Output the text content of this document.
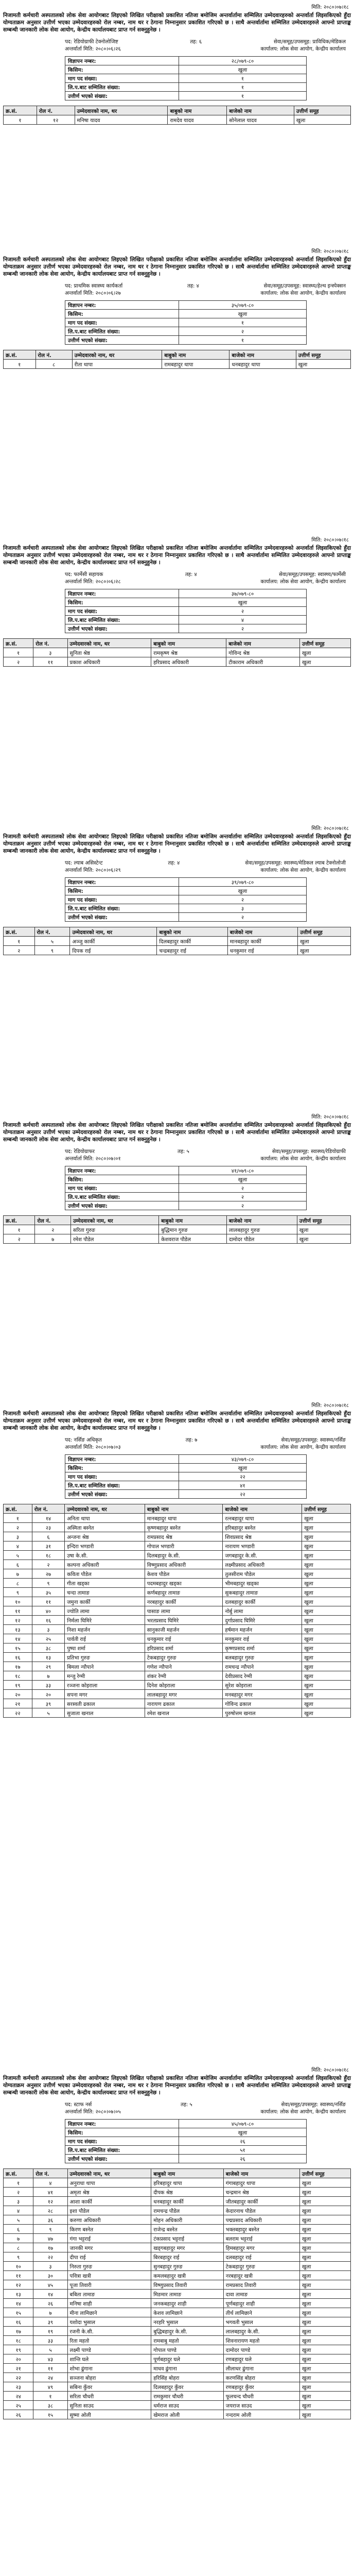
मिति: २०८०।०७।१८

निजामती कर्मचारी अस्पतालको लोक सेवा आयोगबाट लिइएको लिखित परीक्षाको प्रकाशित नतिजा बमोजिम अन्तर्वार्तामा सम्मिलित उम्मेदवारहरुको अन्तर्वार्ता लिइसकिएको हुँदा योग्यताक्रम अनुसार उत्तीर्ण भएका उम्मेदवारहरुको रोल नम्बर, नाम थर र ठेगाना निम्नानुसार प्रकाशित गरिएको छ । साथै अन्तर्वार्तामा सम्मिलित उम्मेदवारहरुले आफ्नो प्राप्ताङ्क सम्बन्धी जानकारी लोक सेवा आयोग, केन्द्रीय कार्यालयबाट प्राप्त गर्न सक्नुहुनेछ ।

पद: रेडियोग्राफी टेक्नोलोजिष्ट	तह: ६	सेवा/समूह/उपसमूह: प्राविधिक/मेडिकल
अन्तर्वार्ता मिति: २०८०।०६।२६	कार्यालय: लोक सेवा आयोग, केन्द्रीय कार्यालय
विज्ञापन नम्बर:	२८/०७९-८०
किसिम:	खुला
माग पद संख्या:	१
लि.प.बाट सम्मिलित संख्या:	१
उत्तीर्ण भएको संख्या:	१
क्र.सं.	रोल नं.	उम्मेदवारको नाम, थर	बाबुको नाम	बाजेको नाम	उत्तीर्ण समूह
१	१२	मनिषा यादव	रामदेव यादव	सोनेलाल यादव	खुला
मिति: २०८०।०७।१८

निजामती कर्मचारी अस्पतालको लोक सेवा आयोगबाट लिइएको लिखित परीक्षाको प्रकाशित नतिजा बमोजिम अन्तर्वार्तामा सम्मिलित उम्मेदवारहरुको अन्तर्वार्ता लिइसकिएको हुँदा योग्यताक्रम अनुसार उत्तीर्ण भएका उम्मेदवारहरुको रोल नम्बर, नाम थर र ठेगाना निम्नानुसार प्रकाशित गरिएको छ । साथै अन्तर्वार्तामा सम्मिलित उम्मेदवारहरुले आफ्नो प्राप्ताङ्क सम्बन्धी जानकारी लोक सेवा आयोग, केन्द्रीय कार्यालयबाट प्राप्त गर्न सक्नुहुनेछ ।

पद: प्राथमिक स्वास्थ्य कार्यकर्ता	तह: ४	सेवा/समूह/उपसमूह: स्वास्थ्य/हेल्थ इन्स्पेक्सन
अन्तर्वार्ता मिति: २०८०।०६।२७	कार्यालय: लोक सेवा आयोग, केन्द्रीय कार्यालय
विज्ञापन नम्बर:	३५/०७९-८०
किसिम:	खुला
माग पद संख्या:	१
लि.प.बाट सम्मिलित संख्या:	२
उत्तीर्ण भएको संख्या:	१
क्र.सं.	रोल नं.	उम्मेदवारको नाम, थर	बाबुको नाम	बाजेको नाम	उत्तीर्ण समूह
१	८	रीता थापा	रामबहादुर थापा	धनबहादुर थापा	खुला
मिति: २०८०।०७।१८

निजामती कर्मचारी अस्पतालको लोक सेवा आयोगबाट लिइएको लिखित परीक्षाको प्रकाशित नतिजा बमोजिम अन्तर्वार्तामा सम्मिलित उम्मेदवारहरुको अन्तर्वार्ता लिइसकिएको हुँदा योग्यताक्रम अनुसार उत्तीर्ण भएका उम्मेदवारहरुको रोल नम्बर, नाम थर र ठेगाना निम्नानुसार प्रकाशित गरिएको छ । साथै अन्तर्वार्तामा सम्मिलित उम्मेदवारहरुले आफ्नो प्राप्ताङ्क सम्बन्धी जानकारी लोक सेवा आयोग, केन्द्रीय कार्यालयबाट प्राप्त गर्न सक्नुहुनेछ ।

पद: फार्मेसी सहायक	तह: ४	सेवा/समूह/उपसमूह: स्वास्थ्य/फार्मेसी
अन्तर्वार्ता मिति: २०८०।०६।२८	कार्यालय: लोक सेवा आयोग, केन्द्रीय कार्यालय
विज्ञापन नम्बर:	३७/०७९-८०
किसिम:	खुला
माग पद संख्या:	२
लि.प.बाट सम्मिलित संख्या:	४
उत्तीर्ण भएको संख्या:	२
क्र.सं.	रोल नं.	उम्मेदवारको नाम, थर	बाबुको नाम	बाजेको नाम	उत्तीर्ण समूह
१	३	सुनिता श्रेष्ठ	रामकृष्ण श्रेष्ठ	गोविन्द श्रेष्ठ	खुला
२	११	प्रकाश अधिकारी	हरिप्रसाद अधिकारी	टीकाराम अधिकारी	खुला
मिति: २०८०।०७।१८

निजामती कर्मचारी अस्पतालको लोक सेवा आयोगबाट लिइएको लिखित परीक्षाको प्रकाशित नतिजा बमोजिम अन्तर्वार्तामा सम्मिलित उम्मेदवारहरुको अन्तर्वार्ता लिइसकिएको हुँदा योग्यताक्रम अनुसार उत्तीर्ण भएका उम्मेदवारहरुको रोल नम्बर, नाम थर र ठेगाना निम्नानुसार प्रकाशित गरिएको छ । साथै अन्तर्वार्तामा सम्मिलित उम्मेदवारहरुले आफ्नो प्राप्ताङ्क सम्बन्धी जानकारी लोक सेवा आयोग, केन्द्रीय कार्यालयबाट प्राप्त गर्न सक्नुहुनेछ ।

पद: ल्याब असिस्टेन्ट	तह: ४	सेवा/समूह/उपसमूह: स्वास्थ्य/मेडिकल ल्याब टेक्नोलोजी
अन्तर्वार्ता मिति: २०८०।०६।२९	कार्यालय: लोक सेवा आयोग, केन्द्रीय कार्यालय
विज्ञापन नम्बर:	३९/०७९-८०
किसिम:	खुला
माग पद संख्या:	२
लि.प.बाट सम्मिलित संख्या:	३
उत्तीर्ण भएको संख्या:	२
क्र.सं.	रोल नं.	उम्मेदवारको नाम, थर	बाबुको नाम	बाजेको नाम	उत्तीर्ण समूह
१	५	अञ्जु कार्की	दिलबहादुर कार्की	मानबहादुर कार्की	खुला
२	९	दिपक राई	चन्द्रबहादुर राई	धनकुमार राई	खुला
मिति: २०८०।०७।१८

निजामती कर्मचारी अस्पतालको लोक सेवा आयोगबाट लिइएको लिखित परीक्षाको प्रकाशित नतिजा बमोजिम अन्तर्वार्तामा सम्मिलित उम्मेदवारहरुको अन्तर्वार्ता लिइसकिएको हुँदा योग्यताक्रम अनुसार उत्तीर्ण भएका उम्मेदवारहरुको रोल नम्बर, नाम थर र ठेगाना निम्नानुसार प्रकाशित गरिएको छ । साथै अन्तर्वार्तामा सम्मिलित उम्मेदवारहरुले आफ्नो प्राप्ताङ्क सम्बन्धी जानकारी लोक सेवा आयोग, केन्द्रीय कार्यालयबाट प्राप्त गर्न सक्नुहुनेछ ।

पद: रेडियोग्राफर	तह: ५	सेवा/समूह/उपसमूह: स्वास्थ्य/रेडियोग्राफी
अन्तर्वार्ता मिति: २०८०।०७।०१	कार्यालय: लोक सेवा आयोग, केन्द्रीय कार्यालय
विज्ञापन नम्बर:	४१/०७९-८०
किसिम:	खुला
माग पद संख्या:	२
लि.प.बाट सम्मिलित संख्या:	२
उत्तीर्ण भएको संख्या:	२
क्र.सं.	रोल नं.	उम्मेदवारको नाम, थर	बाबुको नाम	बाजेको नाम	उत्तीर्ण समूह
१	२	सरिता गुरुङ	बुद्धिमान गुरुङ	लालबहादुर गुरुङ	खुला
२	७	रमेश पौडेल	केशवराज पौडेल	दामोदर पौडेल	खुला
मिति: २०८०।०७।१८

निजामती कर्मचारी अस्पतालको लोक सेवा आयोगबाट लिइएको लिखित परीक्षाको प्रकाशित नतिजा बमोजिम अन्तर्वार्तामा सम्मिलित उम्मेदवारहरुको अन्तर्वार्ता लिइसकिएको हुँदा योग्यताक्रम अनुसार उत्तीर्ण भएका उम्मेदवारहरुको रोल नम्बर, नाम थर र ठेगाना निम्नानुसार प्रकाशित गरिएको छ । साथै अन्तर्वार्तामा सम्मिलित उम्मेदवारहरुले आफ्नो प्राप्ताङ्क सम्बन्धी जानकारी लोक सेवा आयोग, केन्द्रीय कार्यालयबाट प्राप्त गर्न सक्नुहुनेछ ।

पद: नर्सिङ अधिकृत	तह: ७	सेवा/समूह/उपसमूह: स्वास्थ्य/नर्सिङ
अन्तर्वार्ता मिति: २०८०।०७।०३	कार्यालय: लोक सेवा आयोग, केन्द्रीय कार्यालय
विज्ञापन नम्बर:	४३/०७९-८०
किसिम:	खुला
माग पद संख्या:	२२
लि.प.बाट सम्मिलित संख्या:	४१
उत्तीर्ण भएको संख्या:	२२
क्र.सं.	रोल नं.	उम्मेदवारको नाम, थर	बाबुको नाम	बाजेको नाम	उत्तीर्ण समूह
१	१४	अनिता थापा	मानबहादुर थापा	रत्नबहादुर थापा	खुला
२	२३	अस्मिता बस्नेत	कृष्णबहादुर बस्नेत	हरिबहादुर बस्नेत	खुला
३	६	अन्जना श्रेष्ठ	रामप्रसाद श्रेष्ठ	शिवप्रसाद श्रेष्ठ	खुला
४	३१	इन्दिरा भण्डारी	गोपाल भण्डारी	नारायण भण्डारी	खुला
५	१८	उषा के.सी.	दिलबहादुर के.सी.	जगबहादुर के.सी.	खुला
६	२	कल्पना अधिकारी	विष्णुप्रसाद अधिकारी	लक्ष्मीप्रसाद अधिकारी	खुला
७	२७	कविता पौडेल	केशव पौडेल	तुलसीराम पौडेल	खुला
८	९	गीता खड्का	पदमबहादुर खड्का	भीमबहादुर खड्का	खुला
९	३५	चन्दा तामाङ	कर्णबहादुर तामाङ	सुकबहादुर तामाङ	खुला
१०	११	जमुना कार्की	नरबहादुर कार्की	दलबहादुर कार्की	खुला
११	४०	ज्योति लामा	पासाङ लामा	नोर्बु लामा	खुला
१२	१६	निर्मला घिमिरे	भरतप्रसाद घिमिरे	दुर्गाप्रसाद घिमिरे	खुला
१३	३	निशा महर्जन	सानुकाजी महर्जन	हर्षमान महर्जन	खुला
१४	२५	पार्वती राई	धनकुमार राई	मनकुमार राई	खुला
१५	३८	पुष्पा शर्मा	हरिप्रसाद शर्मा	कृष्णप्रसाद शर्मा	खुला
१६	१३	प्रतिभा गुरुङ	टेकबहादुर गुरुङ	बलबहादुर गुरुङ	खुला
१७	२९	बिमला न्यौपाने	गणेश न्यौपाने	रामचन्द्र न्यौपाने	खुला
१८	७	मन्जु रेग्मी	शंकर रेग्मी	देवीप्रसाद रेग्मी	खुला
१९	३३	रञ्जना कोइराला	दिनेश कोइराला	सुरेश कोइराला	खुला
२०	२०	सपना मगर	लालबहादुर मगर	मनबहादुर मगर	खुला
२१	३९	सरस्वती ढकाल	नारायण ढकाल	गोविन्द ढकाल	खुला
२२	५	सुजाता खनाल	रमेश खनाल	पुरुषोत्तम खनाल	खुला
मिति: २०८०।०७।१८

निजामती कर्मचारी अस्पतालको लोक सेवा आयोगबाट लिइएको लिखित परीक्षाको प्रकाशित नतिजा बमोजिम अन्तर्वार्तामा सम्मिलित उम्मेदवारहरुको अन्तर्वार्ता लिइसकिएको हुँदा योग्यताक्रम अनुसार उत्तीर्ण भएका उम्मेदवारहरुको रोल नम्बर, नाम थर र ठेगाना निम्नानुसार प्रकाशित गरिएको छ । साथै अन्तर्वार्तामा सम्मिलित उम्मेदवारहरुले आफ्नो प्राप्ताङ्क सम्बन्धी जानकारी लोक सेवा आयोग, केन्द्रीय कार्यालयबाट प्राप्त गर्न सक्नुहुनेछ ।

पद: स्टाफ नर्स	तह: ५	सेवा/समूह/उपसमूह: स्वास्थ्य/नर्सिङ
अन्तर्वार्ता मिति: २०८०।०७।०५	कार्यालय: लोक सेवा आयोग, केन्द्रीय कार्यालय
विज्ञापन नम्बर:	४५/०७९-८०
किसिम:	खुला
माग पद संख्या:	२६
लि.प.बाट सम्मिलित संख्या:	५१
उत्तीर्ण भएको संख्या:	२६
क्र.सं.	रोल नं.	उम्मेदवारको नाम, थर	बाबुको नाम	बाजेको नाम	उत्तीर्ण समूह
१	४	अनुराधा थापा	हरिबहादुर थापा	गंगाबहादुर थापा	खुला
२	४१	अमृता श्रेष्ठ	दीपक श्रेष्ठ	चन्द्रमान श्रेष्ठ	खुला
३	१२	आशा कार्की	धनबहादुर कार्की	जीतबहादुर कार्की	खुला
४	२८	इशा पौडेल	रामचन्द्र पौडेल	केदारनाथ पौडेल	खुला
५	३६	करुणा अधिकारी	मोहन अधिकारी	पद्मप्रसाद अधिकारी	खुला
६	९	किरण बस्नेत	राजेन्द्र बस्नेत	भक्तबहादुर बस्नेत	खुला
७	४७	गंगा भट्टराई	टंकप्रसाद भट्टराई	बलराम भट्टराई	खुला
८	१७	जानकी मगर	खड्गबहादुर मगर	हिमबहादुर मगर	खुला
९	२२	दीपा राई	बिरबहादुर राई	दलबहादुर राई	खुला
१०	३	निरुता गुरुङ	सुनबहादुर गुरुङ	टेकबहादुर गुरुङ	खुला
११	३०	पवित्रा खत्री	कमलबहादुर खत्री	नरबहादुर खत्री	खुला
१२	४५	पूजा तिवारी	विष्णुप्रसाद तिवारी	रामप्रसाद तिवारी	खुला
१३	१४	बबिता तामाङ	मिङमार तामाङ	दावा तामाङ	खुला
१४	२६	मनिषा शाही	जनकबहादुर शाही	पूर्णबहादुर शाही	खुला
१५	७	मीना लामिछाने	केशव लामिछाने	तीर्थ लामिछाने	खुला
१६	३९	यशोदा भुसाल	नरहरि भुसाल	भगवती भुसाल	खुला
१७	१९	रजनी के.सी.	बुद्धिबहादुर के.सी.	लालबहादुर के.सी.	खुला
१८	३३	रिता महतो	रामबाबु महतो	शिवनारायण महतो	खुला
१९	५	लक्ष्मी पाण्डे	गोपाल पाण्डे	दामोदर पाण्डे	खुला
२०	४३	शान्ति घले	पूर्णबहादुर घले	रणबहादुर घले	खुला
२१	११	शोभा ढुंगाना	माधव ढुंगाना	लीलाधर ढुंगाना	खुला
२२	२४	सञ्जना बोहरा	हरिसिंह बोहरा	करणसिंह बोहरा	खुला
२३	४९	सबिना कुँवर	दिलबहादुर कुँवर	रणबहादुर कुँवर	खुला
२४	१	सरिता चौधरी	रामकुमार चौधरी	फूलचन्द चौधरी	खुला
२५	३८	सुनिता साउद	धर्मराज साउद	जयराज साउद	खुला
२६	१५	सुष्मा ओली	खेमराज ओली	नन्दराम ओली	खुला
